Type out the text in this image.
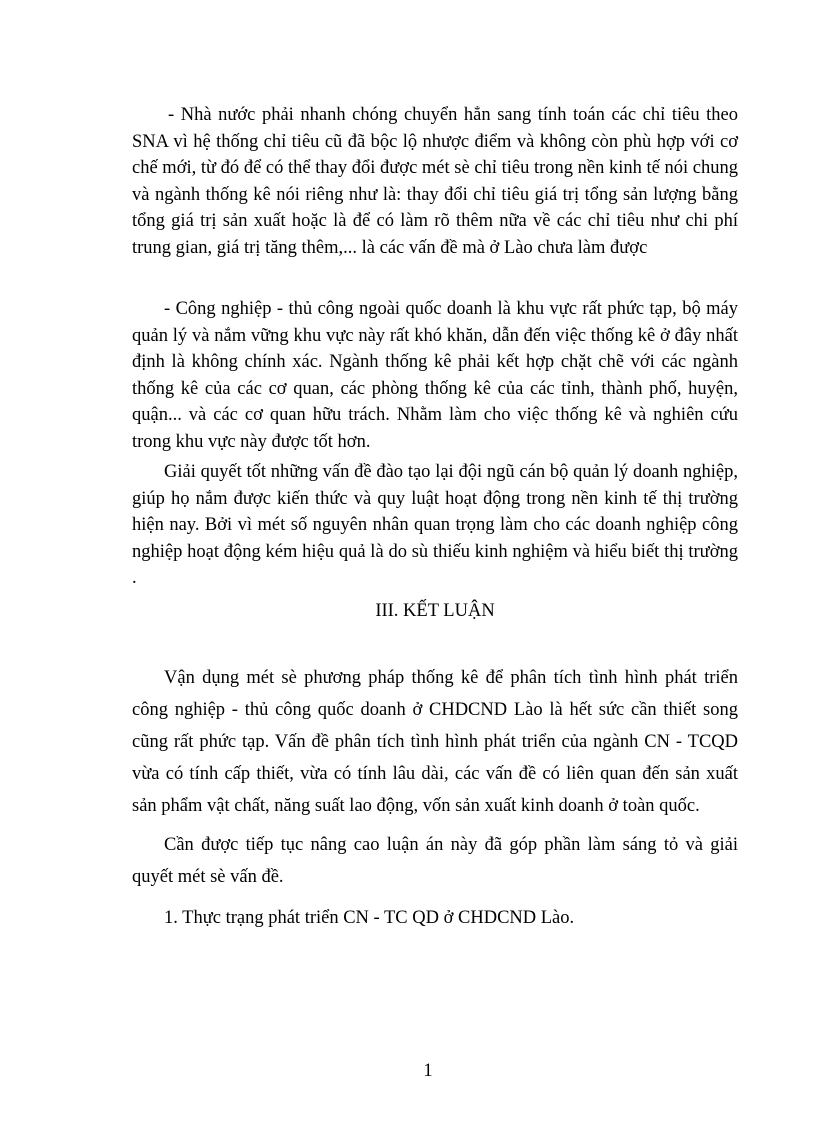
- Nhà nước phải nhanh chóng chuyển hẳn sang tính toán các chỉ tiêu theo SNA vì hệ thống chỉ tiêu cũ đã bộc lộ nhược điểm và không còn phù hợp với cơ chế mới, từ đó để có thể thay đổi được mét sè chỉ tiêu trong nền kinh tế nói chung và ngành thống kê nói riêng như là: thay đổi chỉ tiêu giá trị tổng sản lượng bằng tổng giá trị sản xuất hoặc là để có làm rõ thêm nữa về các chỉ tiêu như chi phí trung gian, giá trị tăng thêm,... là các vấn đề mà ở Lào chưa làm được

- Công nghiệp - thủ công ngoài quốc doanh là khu vực rất phức tạp, bộ máy quản lý và nắm vững khu vực này rất khó khăn, dẫn đến việc thống kê ở đây nhất định là không chính xác. Ngành thống kê phải kết hợp chặt chẽ với các ngành thống kê của các cơ quan, các phòng thống kê của các tỉnh, thành phố, huyện, quận... và các cơ quan hữu trách. Nhằm làm cho việc thống kê và nghiên cứu trong khu vực này được tốt hơn.

Giải quyết tốt những vấn đề đào tạo lại đội ngũ cán bộ quản lý doanh nghiệp, giúp họ nắm được kiến thức và quy luật hoạt động trong nền kinh tế thị trường hiện nay. Bởi vì mét số nguyên nhân quan trọng làm cho các doanh nghiệp công nghiệp hoạt động kém hiệu quả là do sù thiếu kinh nghiệm và hiểu biết thị trường .

III. KẾT LUẬN

Vận dụng mét sè phương pháp thống kê để phân tích tình hình phát triển công nghiệp - thủ công quốc doanh ở CHDCND Lào là hết sức cần thiết song cũng rất phức tạp. Vấn đề phân tích tình hình phát triển của ngành CN - TCQD vừa có tính cấp thiết, vừa có tính lâu dài, các vấn đề có liên quan đến sản xuất sản phẩm vật chất, năng suất lao động, vốn sản xuất kinh doanh ở toàn quốc.

Cần được tiếp tục nâng cao luận án này đã góp phần làm sáng tỏ và giải quyết mét sè vấn đề.

1. Thực trạng phát triển CN - TC QD ở CHDCND Lào.

1
